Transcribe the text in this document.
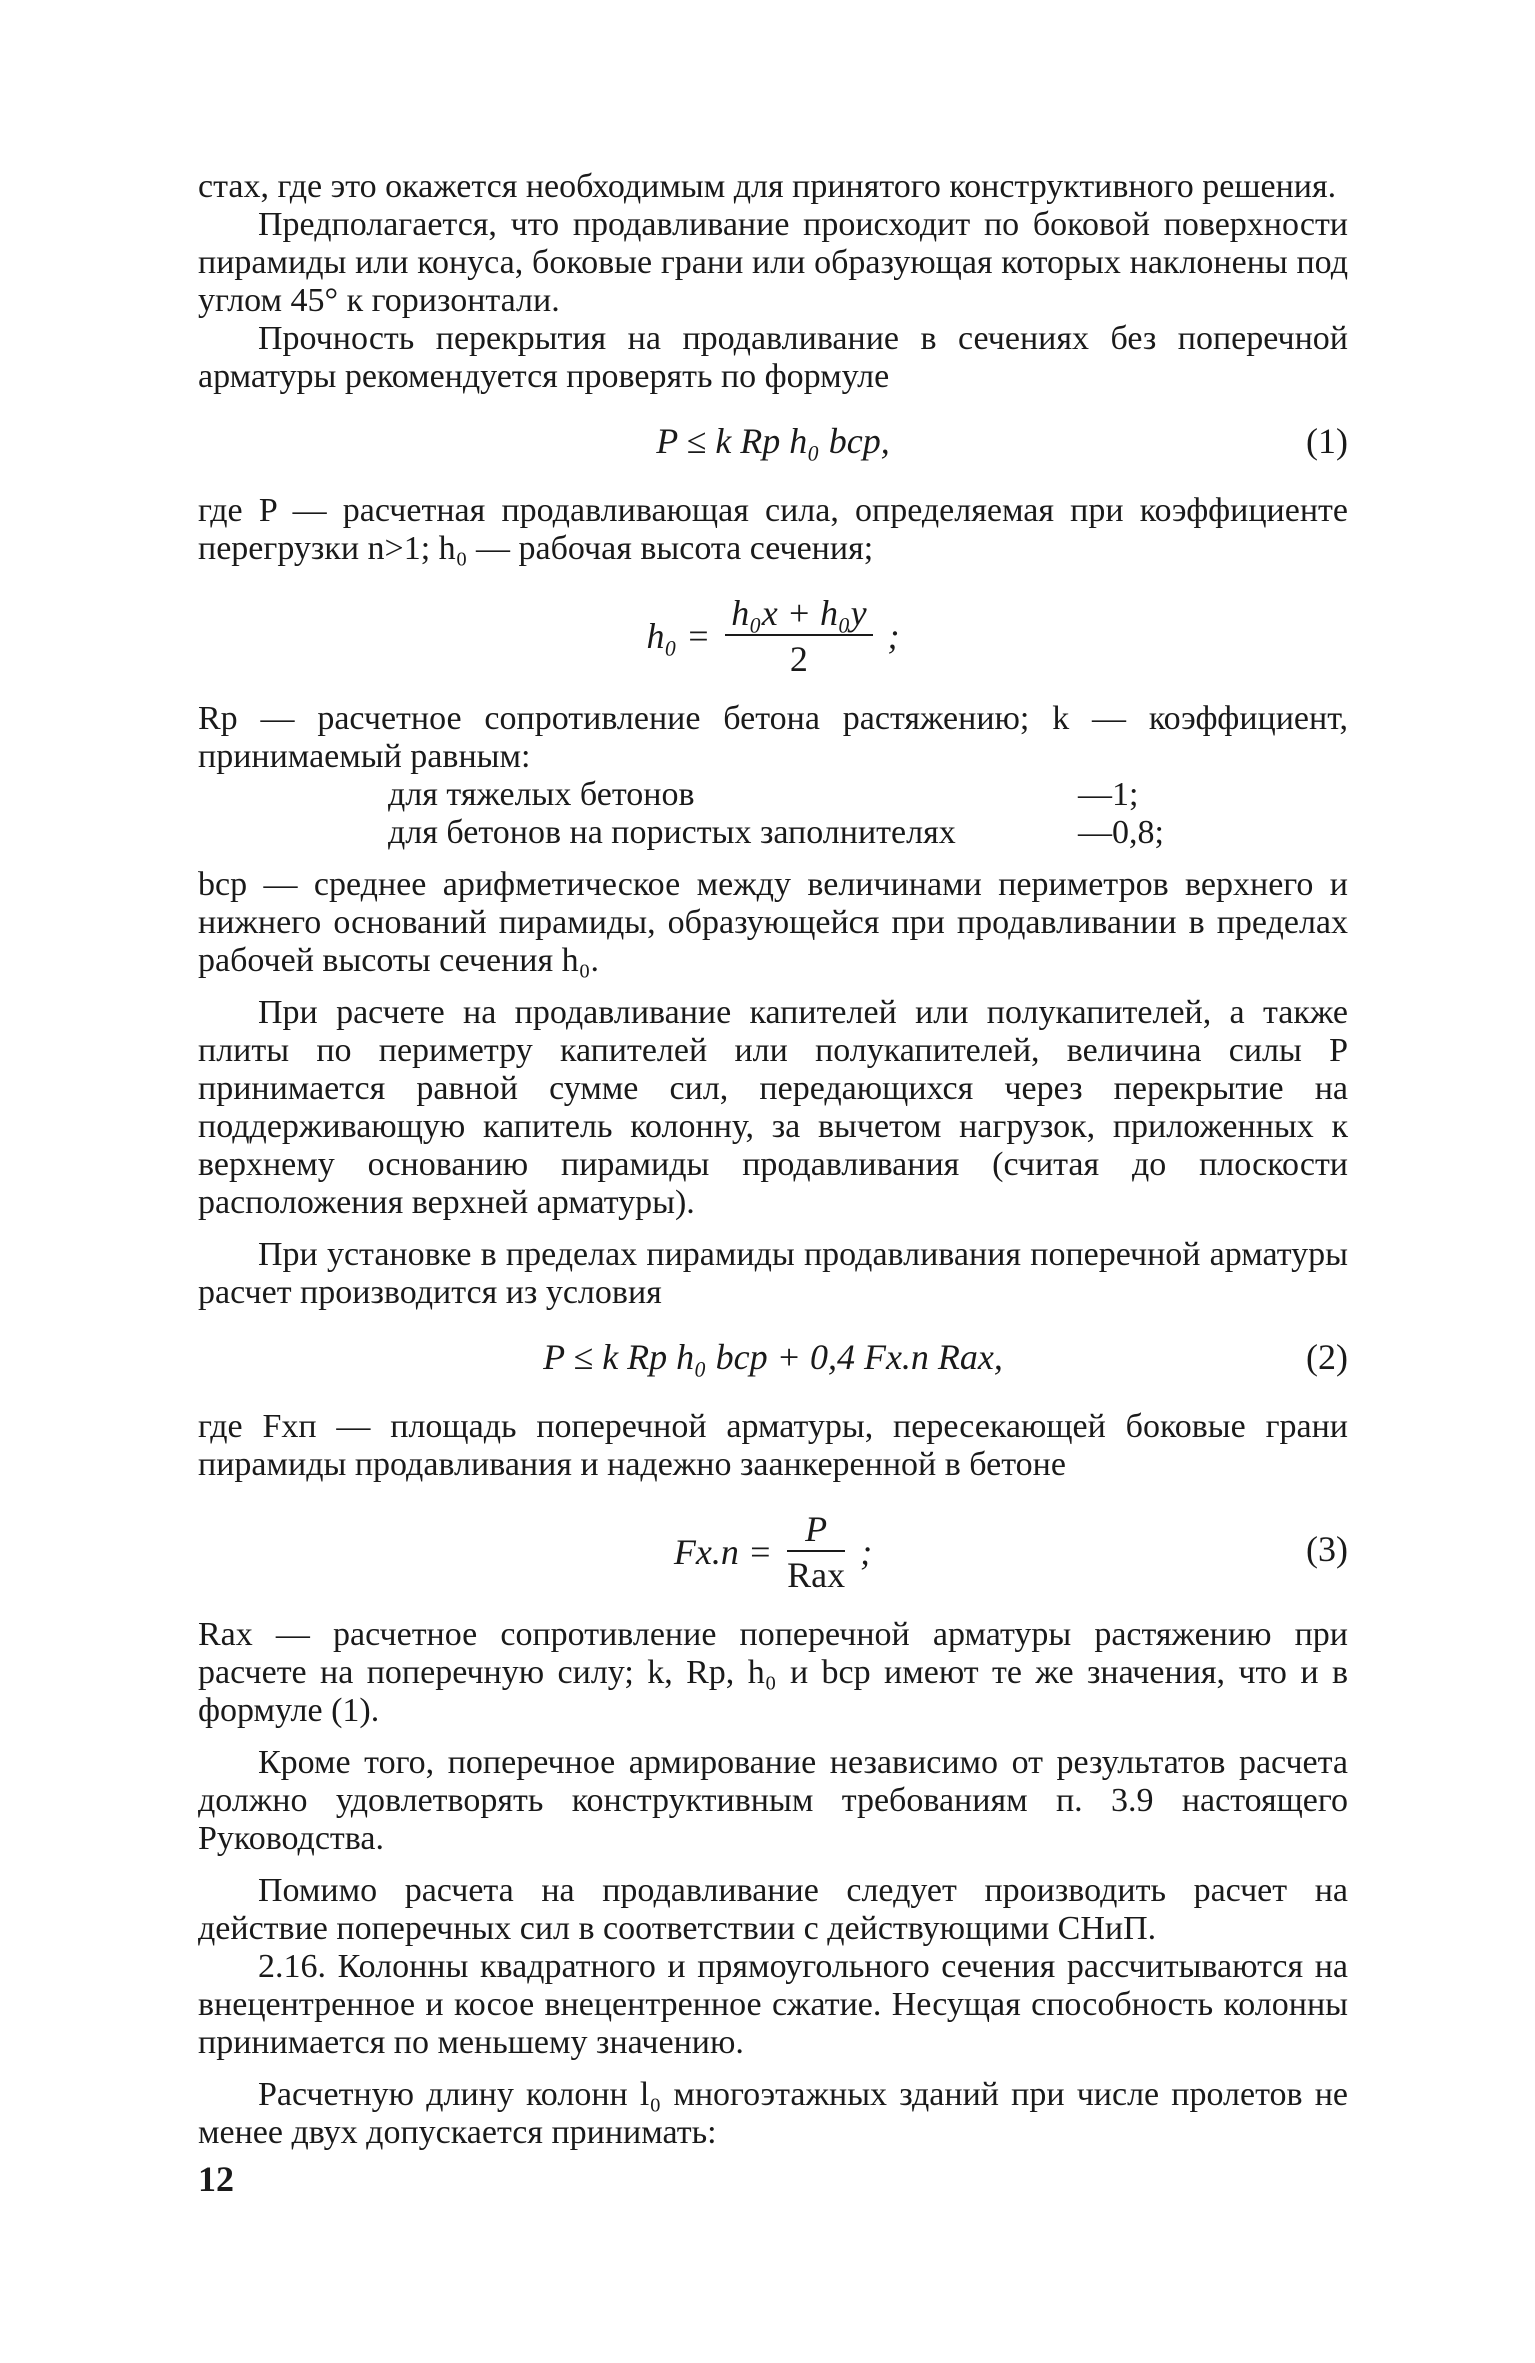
стах, где это окажется необходимым для принятого конструктивного решения.

Предполагается, что продавливание происходит по боковой поверхности пирамиды или конуса, боковые грани или образующая которых наклонены под углом 45° к горизонтали.

Прочность перекрытия на продавливание в сечениях без поперечной арматуры рекомендуется проверять по формуле

P ≤ k Rp h₀ bср,	(1)

где P — расчетная продавливающая сила, определяемая при коэффициенте перегрузки n>1; h₀ — рабочая высота сечения;

$h_0 = \frac{\text{h₀x + h₀y}}{2}$ ;

Rp — расчетное сопротивление бетона растяжению; k — коэффициент, принимаемый равным:

для тяжелых бетонов	—1;
для бетонов на пористых заполнителях	—0,8;

bср — среднее арифметическое между величинами периметров верхнего и нижнего оснований пирамиды, образующейся при продавливании в пределах рабочей высоты сечения h₀.

При расчете на продавливание капителей или полукапителей, а также плиты по периметру капителей или полукапителей, величина силы P принимается равной сумме сил, передающихся через перекрытие на поддерживающую капитель колонну, за вычетом нагрузок, приложенных к верхнему основанию пирамиды продавливания (считая до плоскости расположения верхней арматуры).

При установке в пределах пирамиды продавливания поперечной арматуры расчет производится из условия

P ≤ k Rp h₀ bср + 0,4 Fх.п Rах,	(2)

где Fхп — площадь поперечной арматуры, пересекающей боковые грани пирамиды продавливания и надежно заанкеренной в бетоне

$Fх.п = \frac{P}{\text{Rах}}$ ;	(3)

Rах — расчетное сопротивление поперечной арматуры растяжению при расчете на поперечную силу; k, Rp, h₀ и bср имеют те же значения, что и в формуле (1).

Кроме того, поперечное армирование независимо от результатов расчета должно удовлетворять конструктивным требованиям п. 3.9 настоящего Руководства.

Помимо расчета на продавливание следует производить расчет на действие поперечных сил в соответствии с действующими СНиП.

2.16. Колонны квадратного и прямоугольного сечения рассчитываются на внецентренное и косое внецентренное сжатие. Несущая способность колонны принимается по меньшему значению.

Расчетную длину колонн l₀ многоэтажных зданий при числе пролетов не менее двух допускается принимать:

12
